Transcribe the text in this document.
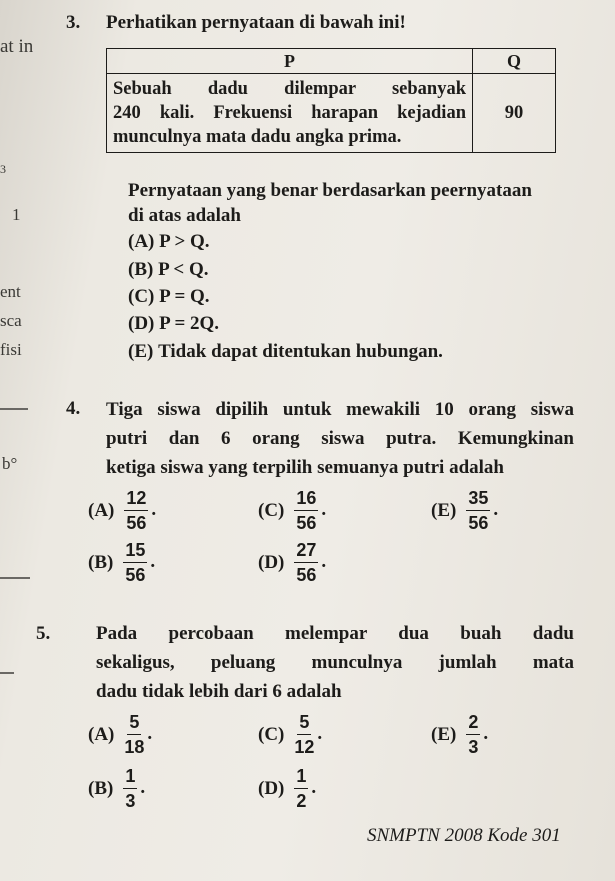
at in
3
1
ent
sca
fisi
b°
3. Perhatikan pernyataan di bawah ini!
P	Q

Sebuah dadu dilempar sebanyak
240 kali. Frekuensi harapan kejadian
munculnya mata dadu angka prima.	90
Pernyataan yang benar berdasarkan peernyataan
di atas adalah
(A) P > Q.
(B) P < Q.
(C) P = Q.
(D) P = 2Q.
(E) Tidak dapat ditentukan hubungan.
4. Tiga siswa dipilih untuk mewakili 10 orang siswa
putri dan 6 orang siswa putra. Kemungkinan
ketiga siswa yang terpilih semuanya putri adalah
$(A) \frac{12}{56}$ .	$(C) \frac{16}{56}$ .	$(E) \frac{35}{56}$ .
$(B) \frac{15}{56}$ .	$(D) \frac{27}{56}$ .
5. Pada percobaan melempar dua buah dadu
sekaligus, peluang munculnya jumlah mata
dadu tidak lebih dari 6 adalah
$(A) \frac{5}{18}$ .	$(C) \frac{5}{12}$ .	$(E) \frac{2}{3}$ .
$(B) \frac{1}{3}$ .	$(D) \frac{1}{2}$ .
SNMPTN 2008 Kode 301
